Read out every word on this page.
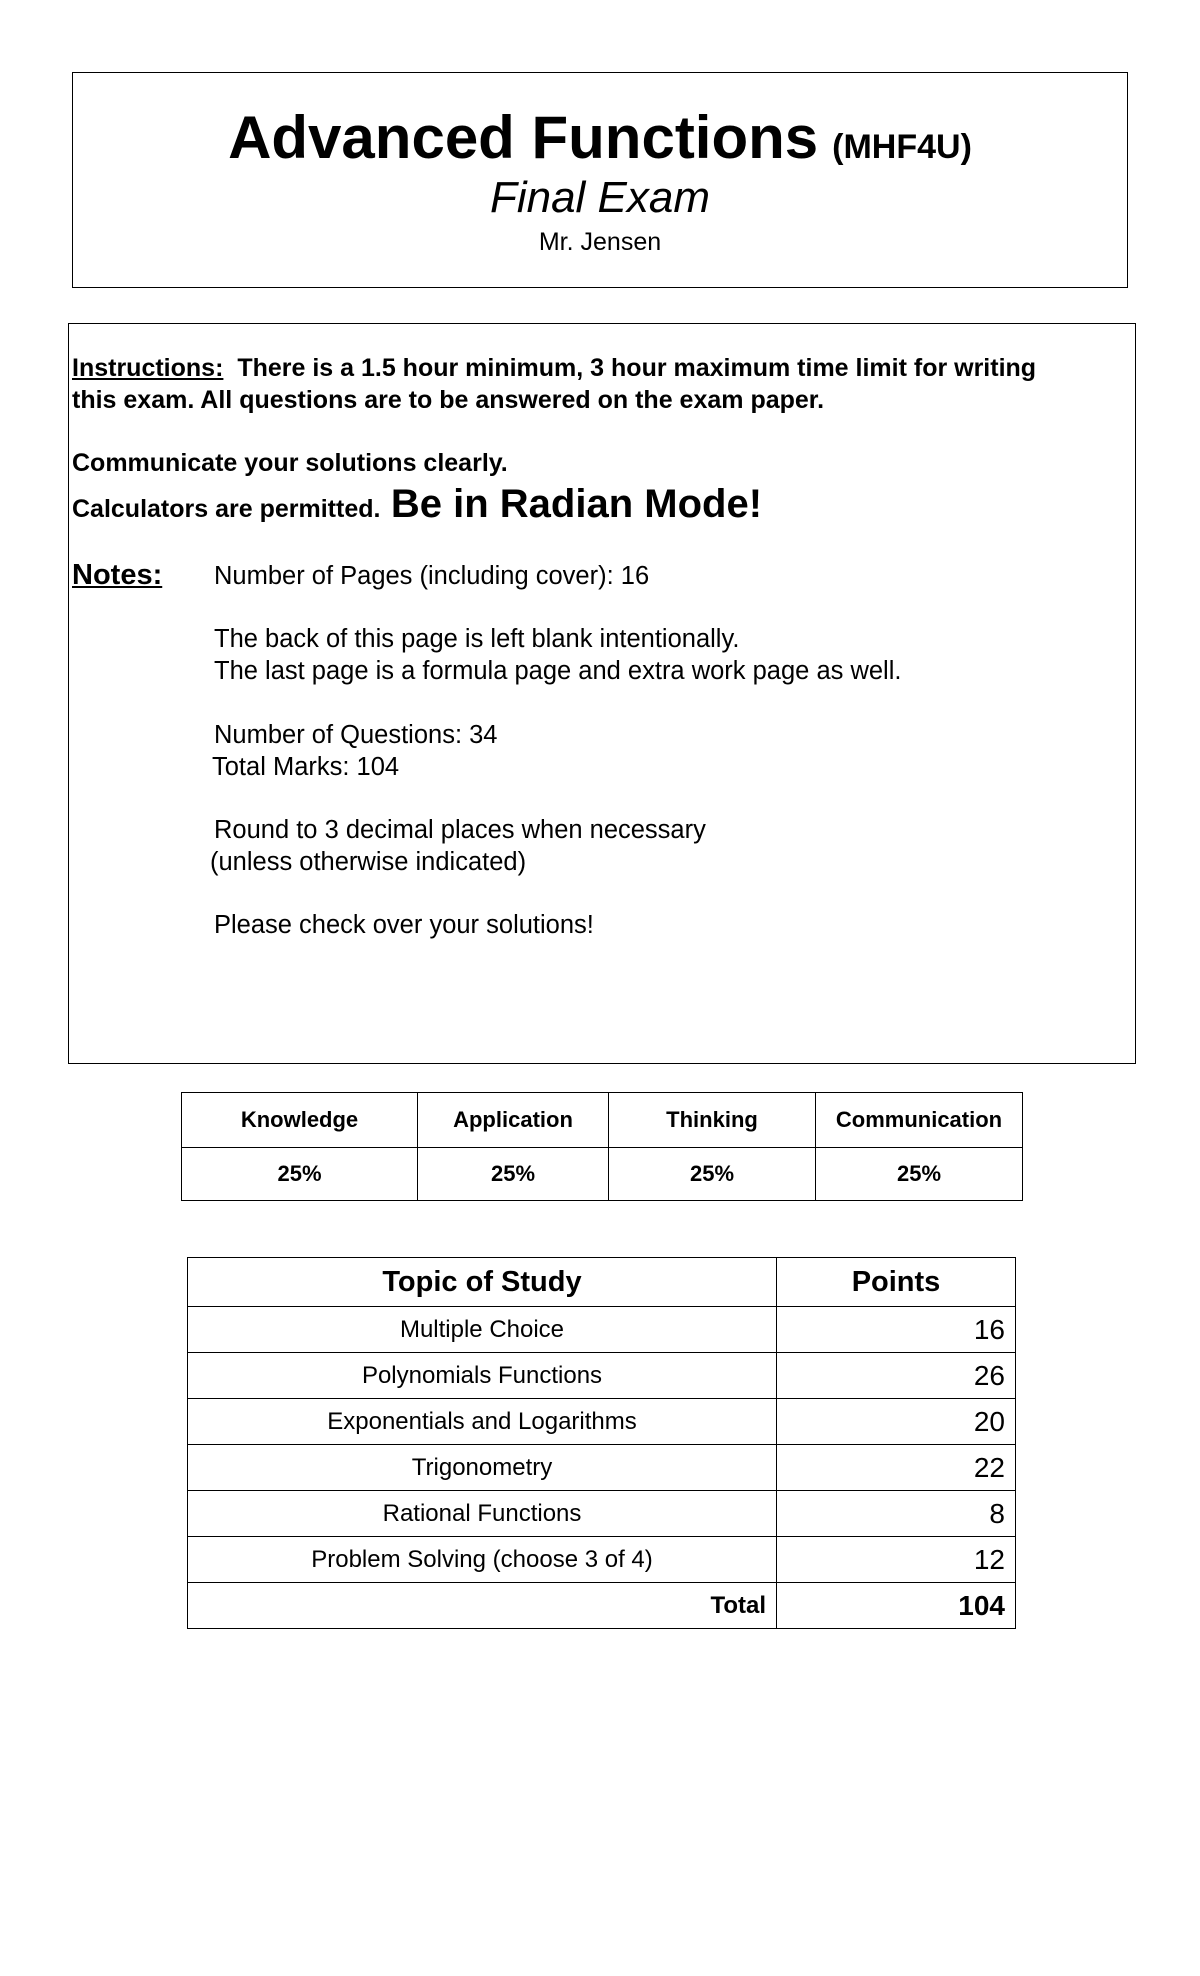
Advanced Functions (MHF4U)
Final Exam
Mr. Jensen
Instructions: There is a 1.5 hour minimum, 3 hour maximum time limit for writing
this exam. All questions are to be answered on the exam paper.
Communicate your solutions clearly.
Calculators are permitted. Be in Radian Mode!
Notes: Number of Pages (including cover): 16
The back of this page is left blank intentionally.
The last page is a formula page and extra work page as well.
Number of Questions: 34
Total Marks: 104
Round to 3 decimal places when necessary
(unless otherwise indicated)
Please check over your solutions!
Knowledge	Application	Thinking	Communication
25%	25%	25%	25%
Topic of Study	Points
Multiple Choice	16
Polynomials Functions	26
Exponentials and Logarithms	20
Trigonometry	22
Rational Functions	8
Problem Solving (choose 3 of 4)	12
Total	104
